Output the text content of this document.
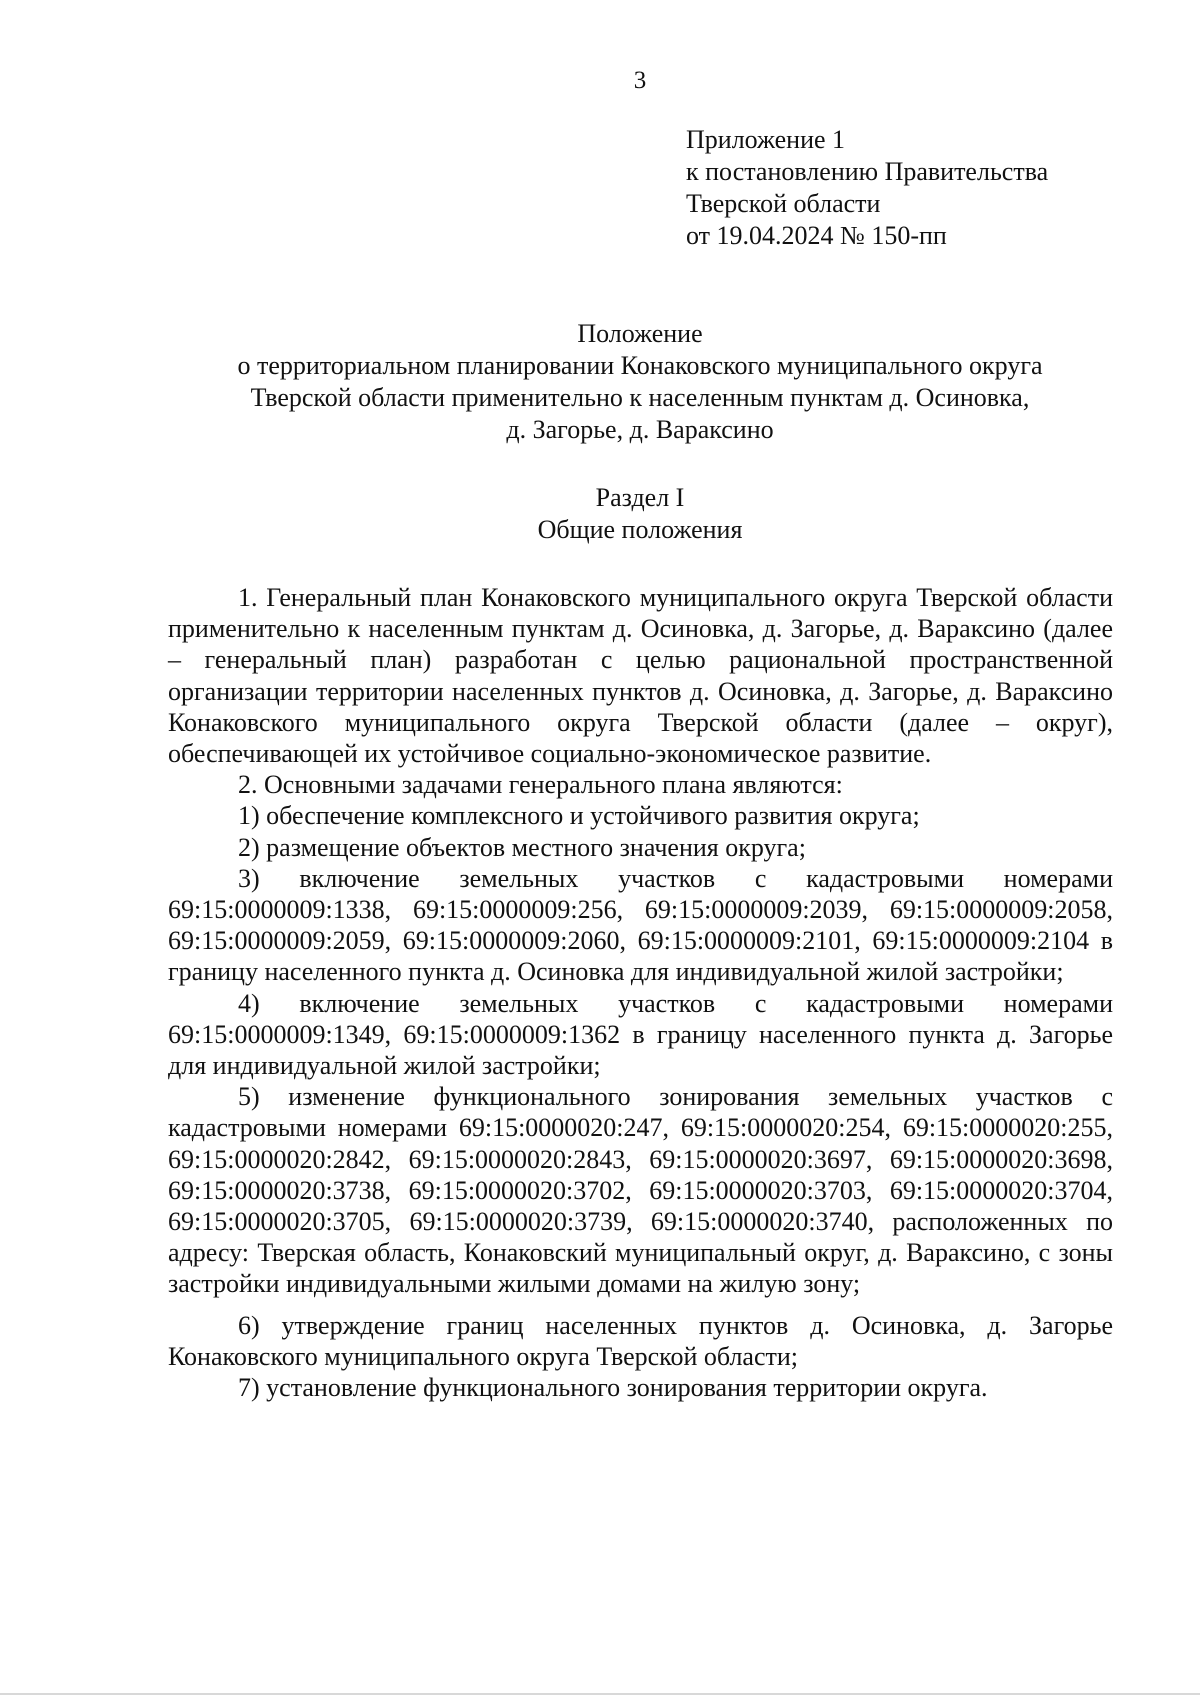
3
Приложение 1
к постановлению Правительства
Тверской области
от 19.04.2024 № 150-пп
Положение
о территориальном планировании Конаковского муниципального округа
Тверской области применительно к населенным пунктам д. Осиновка,
д. Загорье, д. Вараксино
Раздел I
Общие положения

1. Генеральный план Конаковского муниципального округа Тверской области применительно к населенным пунктам д. Осиновка, д. Загорье, д. Вараксино (далее – генеральный план) разработан с целью рациональной пространственной организации территории населенных пунктов д. Осиновка, д. Загорье, д. Вараксино Конаковского муниципального округа Тверской области (далее – округ), обеспечивающей их устойчивое социально-экономическое развитие.

2. Основными задачами генерального плана являются:

1) обеспечение комплексного и устойчивого развития округа;

2) размещение объектов местного значения округа;

3) включение земельных участков с кадастровыми номерами 69:15:0000009:1338, 69:15:0000009:256, 69:15:0000009:2039, 69:15:0000009:2058, 69:15:0000009:2059, 69:15:0000009:2060, 69:15:0000009:2101, 69:15:0000009:2104 в границу населенного пункта д. Осиновка для индивидуальной жилой застройки;

4) включение земельных участков с кадастровыми номерами 69:15:0000009:1349, 69:15:0000009:1362 в границу населенного пункта д. Загорье для индивидуальной жилой застройки;

5) изменение функционального зонирования земельных участков с кадастровыми номерами 69:15:0000020:247, 69:15:0000020:254, 69:15:0000020:255, 69:15:0000020:2842, 69:15:0000020:2843, 69:15:0000020:3697, 69:15:0000020:3698, 69:15:0000020:3738, 69:15:0000020:3702, 69:15:0000020:3703, 69:15:0000020:3704, 69:15:0000020:3705, 69:15:0000020:3739, 69:15:0000020:3740, расположенных по адресу: Тверская область, Конаковский муниципальный округ, д. Вараксино, с зоны застройки индивидуальными жилыми домами на жилую зону;

6) утверждение границ населенных пунктов д. Осиновка, д. Загорье Конаковского муниципального округа Тверской области;

7) установление функционального зонирования территории округа.
